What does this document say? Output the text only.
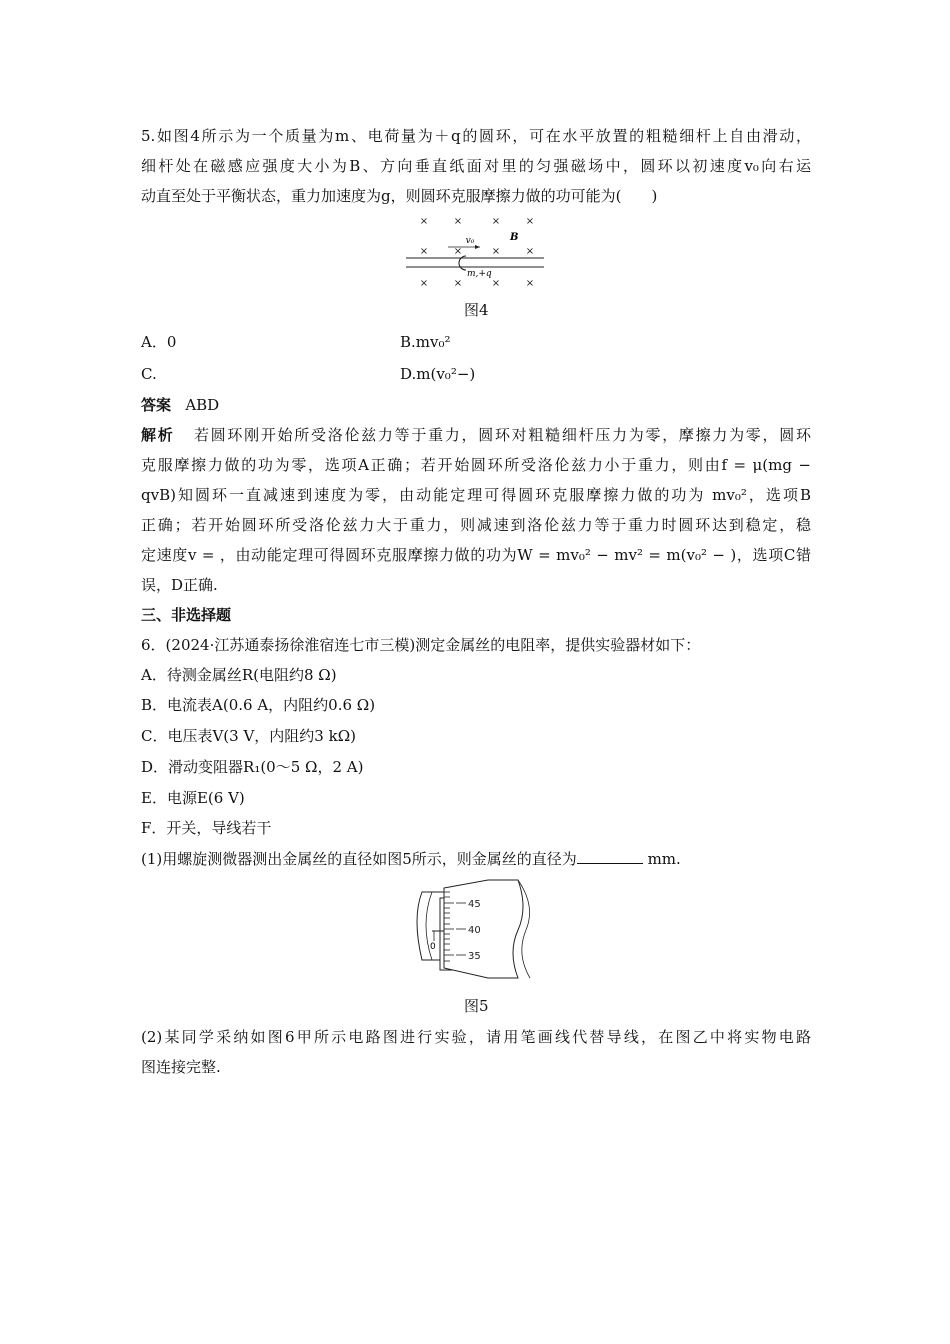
5.如图4所示为一个质量为m、电荷量为＋q的圆环，可在水平放置的粗糙细杆上自由滑动，
细杆处在磁感应强度大小为B、方向垂直纸面对里的匀强磁场中，圆环以初速度v₀向右运
动直至处于平衡状态，重力加速度为g，则圆环克服摩擦力做的功可能为(　　)
×	×	×	×
×	×	×	×
×	×	×	×
v₀	B
m,+q
图4
A．0	B.mv₀²
C.	D.m(v₀²−)
答案 ABD
解析 若圆环刚开始所受洛伦兹力等于重力，圆环对粗糙细杆压力为零，摩擦力为零，圆环
克服摩擦力做的功为零，选项A正确；若开始圆环所受洛伦兹力小于重力，则由f = μ(mg −
qvB)知圆环一直减速到速度为零，由动能定理可得圆环克服摩擦力做的功为 mv₀²，选项B
正确；若开始圆环所受洛伦兹力大于重力，则减速到洛伦兹力等于重力时圆环达到稳定，稳
定速度v = ，由动能定理可得圆环克服摩擦力做的功为W = mv₀² − mv² = m(v₀² − )，选项C错
误，D正确.
三、非选择题
6．(2024·江苏通泰扬徐淮宿连七市三模)测定金属丝的电阻率，提供实验器材如下：
A．待测金属丝R(电阻约8 Ω)
B．电流表A(0.6 A，内阻约0.6 Ω)
C．电压表V(3 V，内阻约3 kΩ)
D．滑动变阻器R₁(0～5 Ω，2 A)
E．电源E(6 V)
F．开关，导线若干
(1)用螺旋测微器测出金属丝的直径如图5所示，则金属丝的直径为	mm.
0
45
40
35
图5
(2)某同学采纳如图6甲所示电路图进行实验，请用笔画线代替导线，在图乙中将实物电路
图连接完整.
